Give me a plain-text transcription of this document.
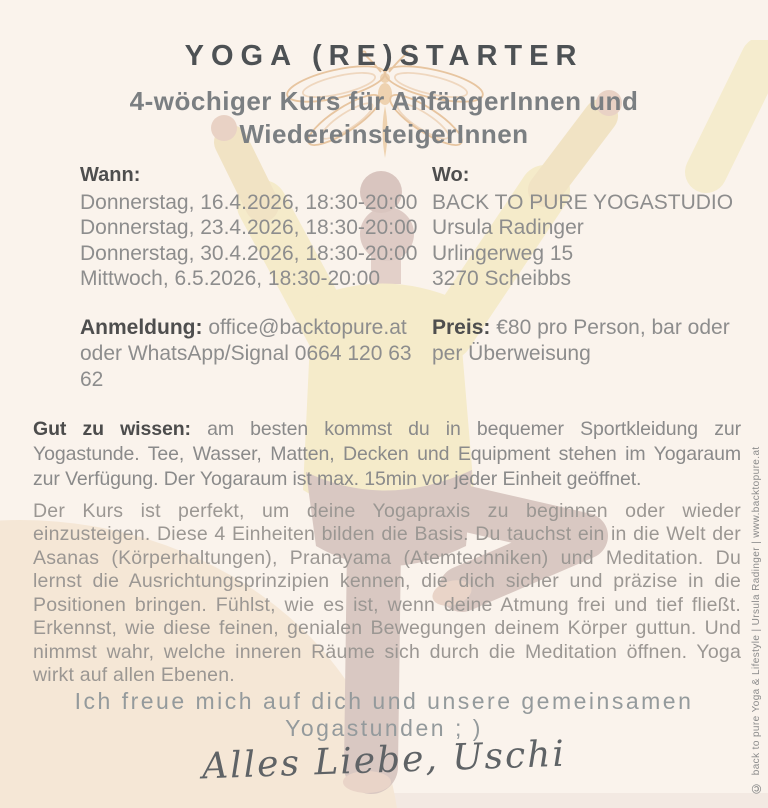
YOGA (RE)STARTER
4-wöchiger Kurs für AnfängerInnen und WiedereinsteigerInnen
Wann:
Donnerstag, 16.4.2026, 18:30-20:00
Donnerstag, 23.4.2026, 18:30-20:00
Donnerstag, 30.4.2026, 18:30-20:00
Mittwoch, 6.5.2026, 18:30-20:00
Wo:
BACK TO PURE YOGASTUDIO
Ursula Radinger
Urlingerweg 15
3270 Scheibbs

Anmeldung: office@backtopure.at oder WhatsApp/Signal 0664 120 63 62

Preis: €80 pro Person, bar oder per Überweisung

Gut zu wissen: am besten kommst du in bequemer Sportkleidung zur Yogastunde. Tee, Wasser, Matten, Decken und Equipment stehen im Yogaraum zur Verfügung. Der Yogaraum ist max. 15min vor jeder Einheit geöffnet.

Der Kurs ist perfekt, um deine Yogapraxis zu beginnen oder wieder einzusteigen. Diese 4 Einheiten bilden die Basis. Du tauchst ein in die Welt der Asanas (Körperhaltungen), Pranayama (Atemtechniken) und Meditation. Du lernst die Ausrichtungsprinzipien kennen, die dich sicher und präzise in die Positionen bringen. Fühlst, wie es ist, wenn deine Atmung frei und tief fließt. Erkennst, wie diese feinen, genialen Bewegungen deinem Körper guttun. Und nimmst wahr, welche inneren Räume sich durch die Meditation öffnen. Yoga wirkt auf allen Ebenen.

Ich freue mich auf dich und unsere gemeinsamen Yogastunden ; )
Alles Liebe, Uschi
©back to pure Yoga & Lifestyle | Ursula Radinger | www.backtopure.at
